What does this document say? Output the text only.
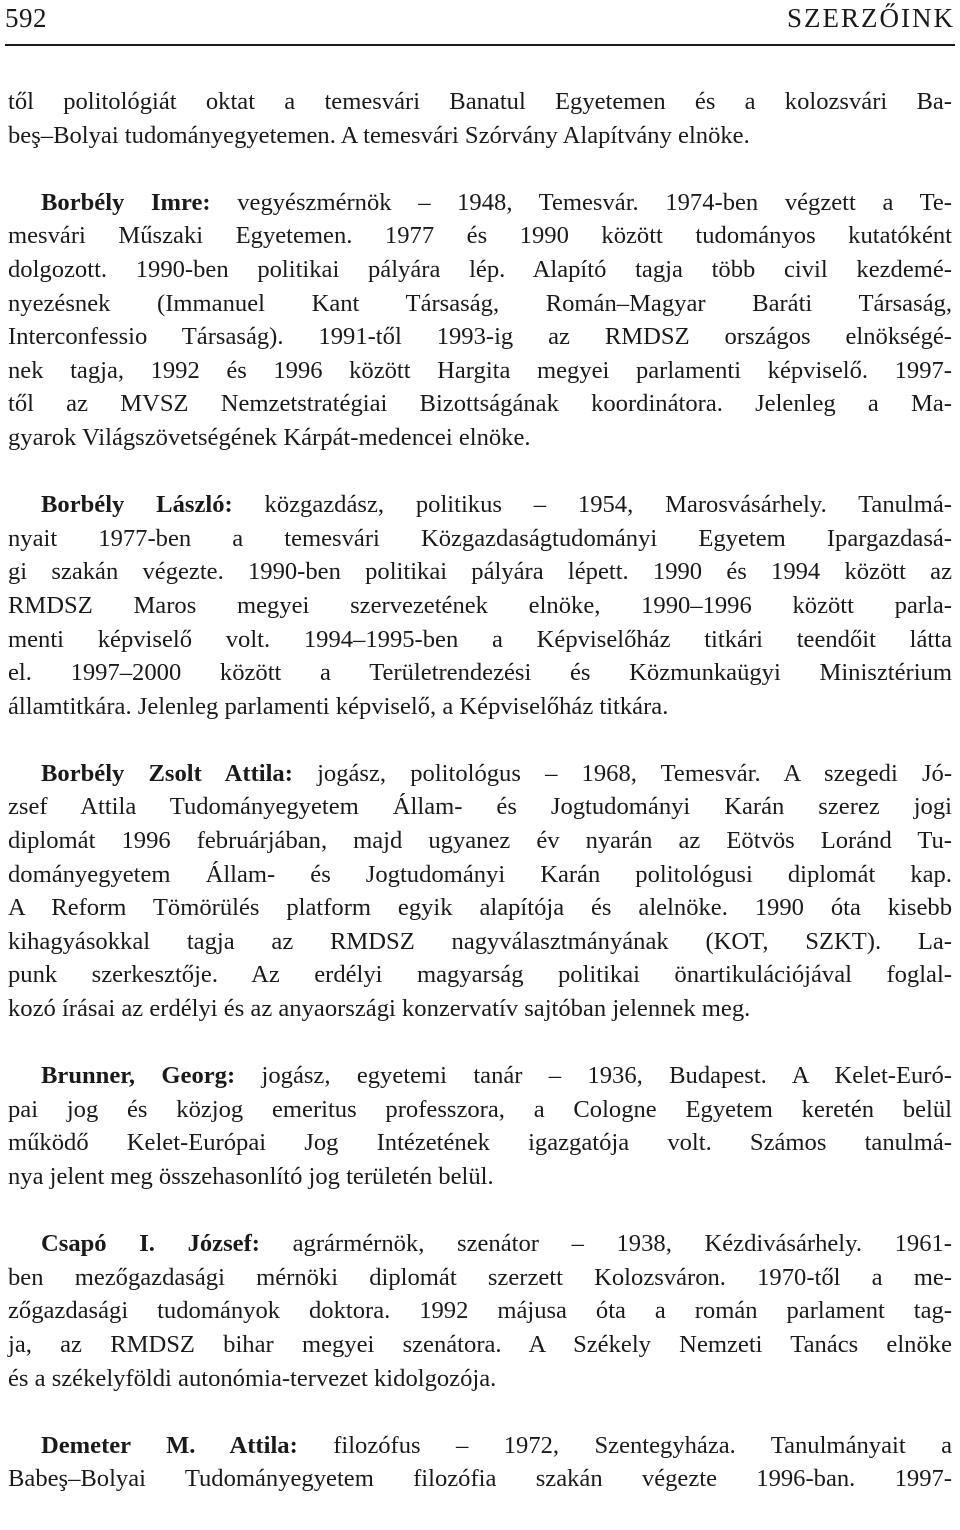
592	SZERZŐINK
től politológiát oktat a temesvári Banatul Egyetemen és a kolozsvári Ba-
beş–Bolyai tudományegyetemen. A temesvári Szórvány Alapítvány elnöke.
Borbély Imre: vegyészmérnök – 1948, Temesvár. 1974-ben végzett a Te-
mesvári Műszaki Egyetemen. 1977 és 1990 között tudományos kutatóként
dolgozott. 1990-ben politikai pályára lép. Alapító tagja több civil kezdemé-
nyezésnek (Immanuel Kant Társaság, Román–Magyar Baráti Társaság,
Interconfessio Társaság). 1991-től 1993-ig az RMDSZ országos elnökségé-
nek tagja, 1992 és 1996 között Hargita megyei parlamenti képviselő. 1997-
től az MVSZ Nemzetstratégiai Bizottságának koordinátora. Jelenleg a Ma-
gyarok Világszövetségének Kárpát-medencei elnöke.
Borbély László: közgazdász, politikus – 1954, Marosvásárhely. Tanulmá-
nyait 1977-ben a temesvári Közgazdaságtudományi Egyetem Ipargazdasá-
gi szakán végezte. 1990-ben politikai pályára lépett. 1990 és 1994 között az
RMDSZ Maros megyei szervezetének elnöke, 1990–1996 között parla-
menti képviselő volt. 1994–1995-ben a Képviselőház titkári teendőit látta
el. 1997–2000 között a Területrendezési és Közmunkaügyi Minisztérium
államtitkára. Jelenleg parlamenti képviselő, a Képviselőház titkára.
Borbély Zsolt Attila: jogász, politológus – 1968, Temesvár. A szegedi Jó-
zsef Attila Tudományegyetem Állam- és Jogtudományi Karán szerez jogi
diplomát 1996 februárjában, majd ugyanez év nyarán az Eötvös Loránd Tu-
dományegyetem Állam- és Jogtudományi Karán politológusi diplomát kap.
A Reform Tömörülés platform egyik alapítója és alelnöke. 1990 óta kisebb
kihagyásokkal tagja az RMDSZ nagyválasztmányának (KOT, SZKT). La-
punk szerkesztője. Az erdélyi magyarság politikai önartikulációjával foglal-
kozó írásai az erdélyi és az anyaországi konzervatív sajtóban jelennek meg.
Brunner, Georg: jogász, egyetemi tanár – 1936, Budapest. A Kelet-Euró-
pai jog és közjog emeritus professzora, a Cologne Egyetem keretén belül
működő Kelet-Európai Jog Intézetének igazgatója volt. Számos tanulmá-
nya jelent meg összehasonlító jog területén belül.
Csapó I. József: agrármérnök, szenátor – 1938, Kézdivásárhely. 1961-
ben mezőgazdasági mérnöki diplomát szerzett Kolozsváron. 1970-től a me-
zőgazdasági tudományok doktora. 1992 májusa óta a román parlament tag-
ja, az RMDSZ bihar megyei szenátora. A Székely Nemzeti Tanács elnöke
és a székelyföldi autonómia-tervezet kidolgozója.
Demeter M. Attila: filozófus – 1972, Szentegyháza. Tanulmányait a
Babeş–Bolyai Tudományegyetem filozófia szakán végezte 1996-ban. 1997-
